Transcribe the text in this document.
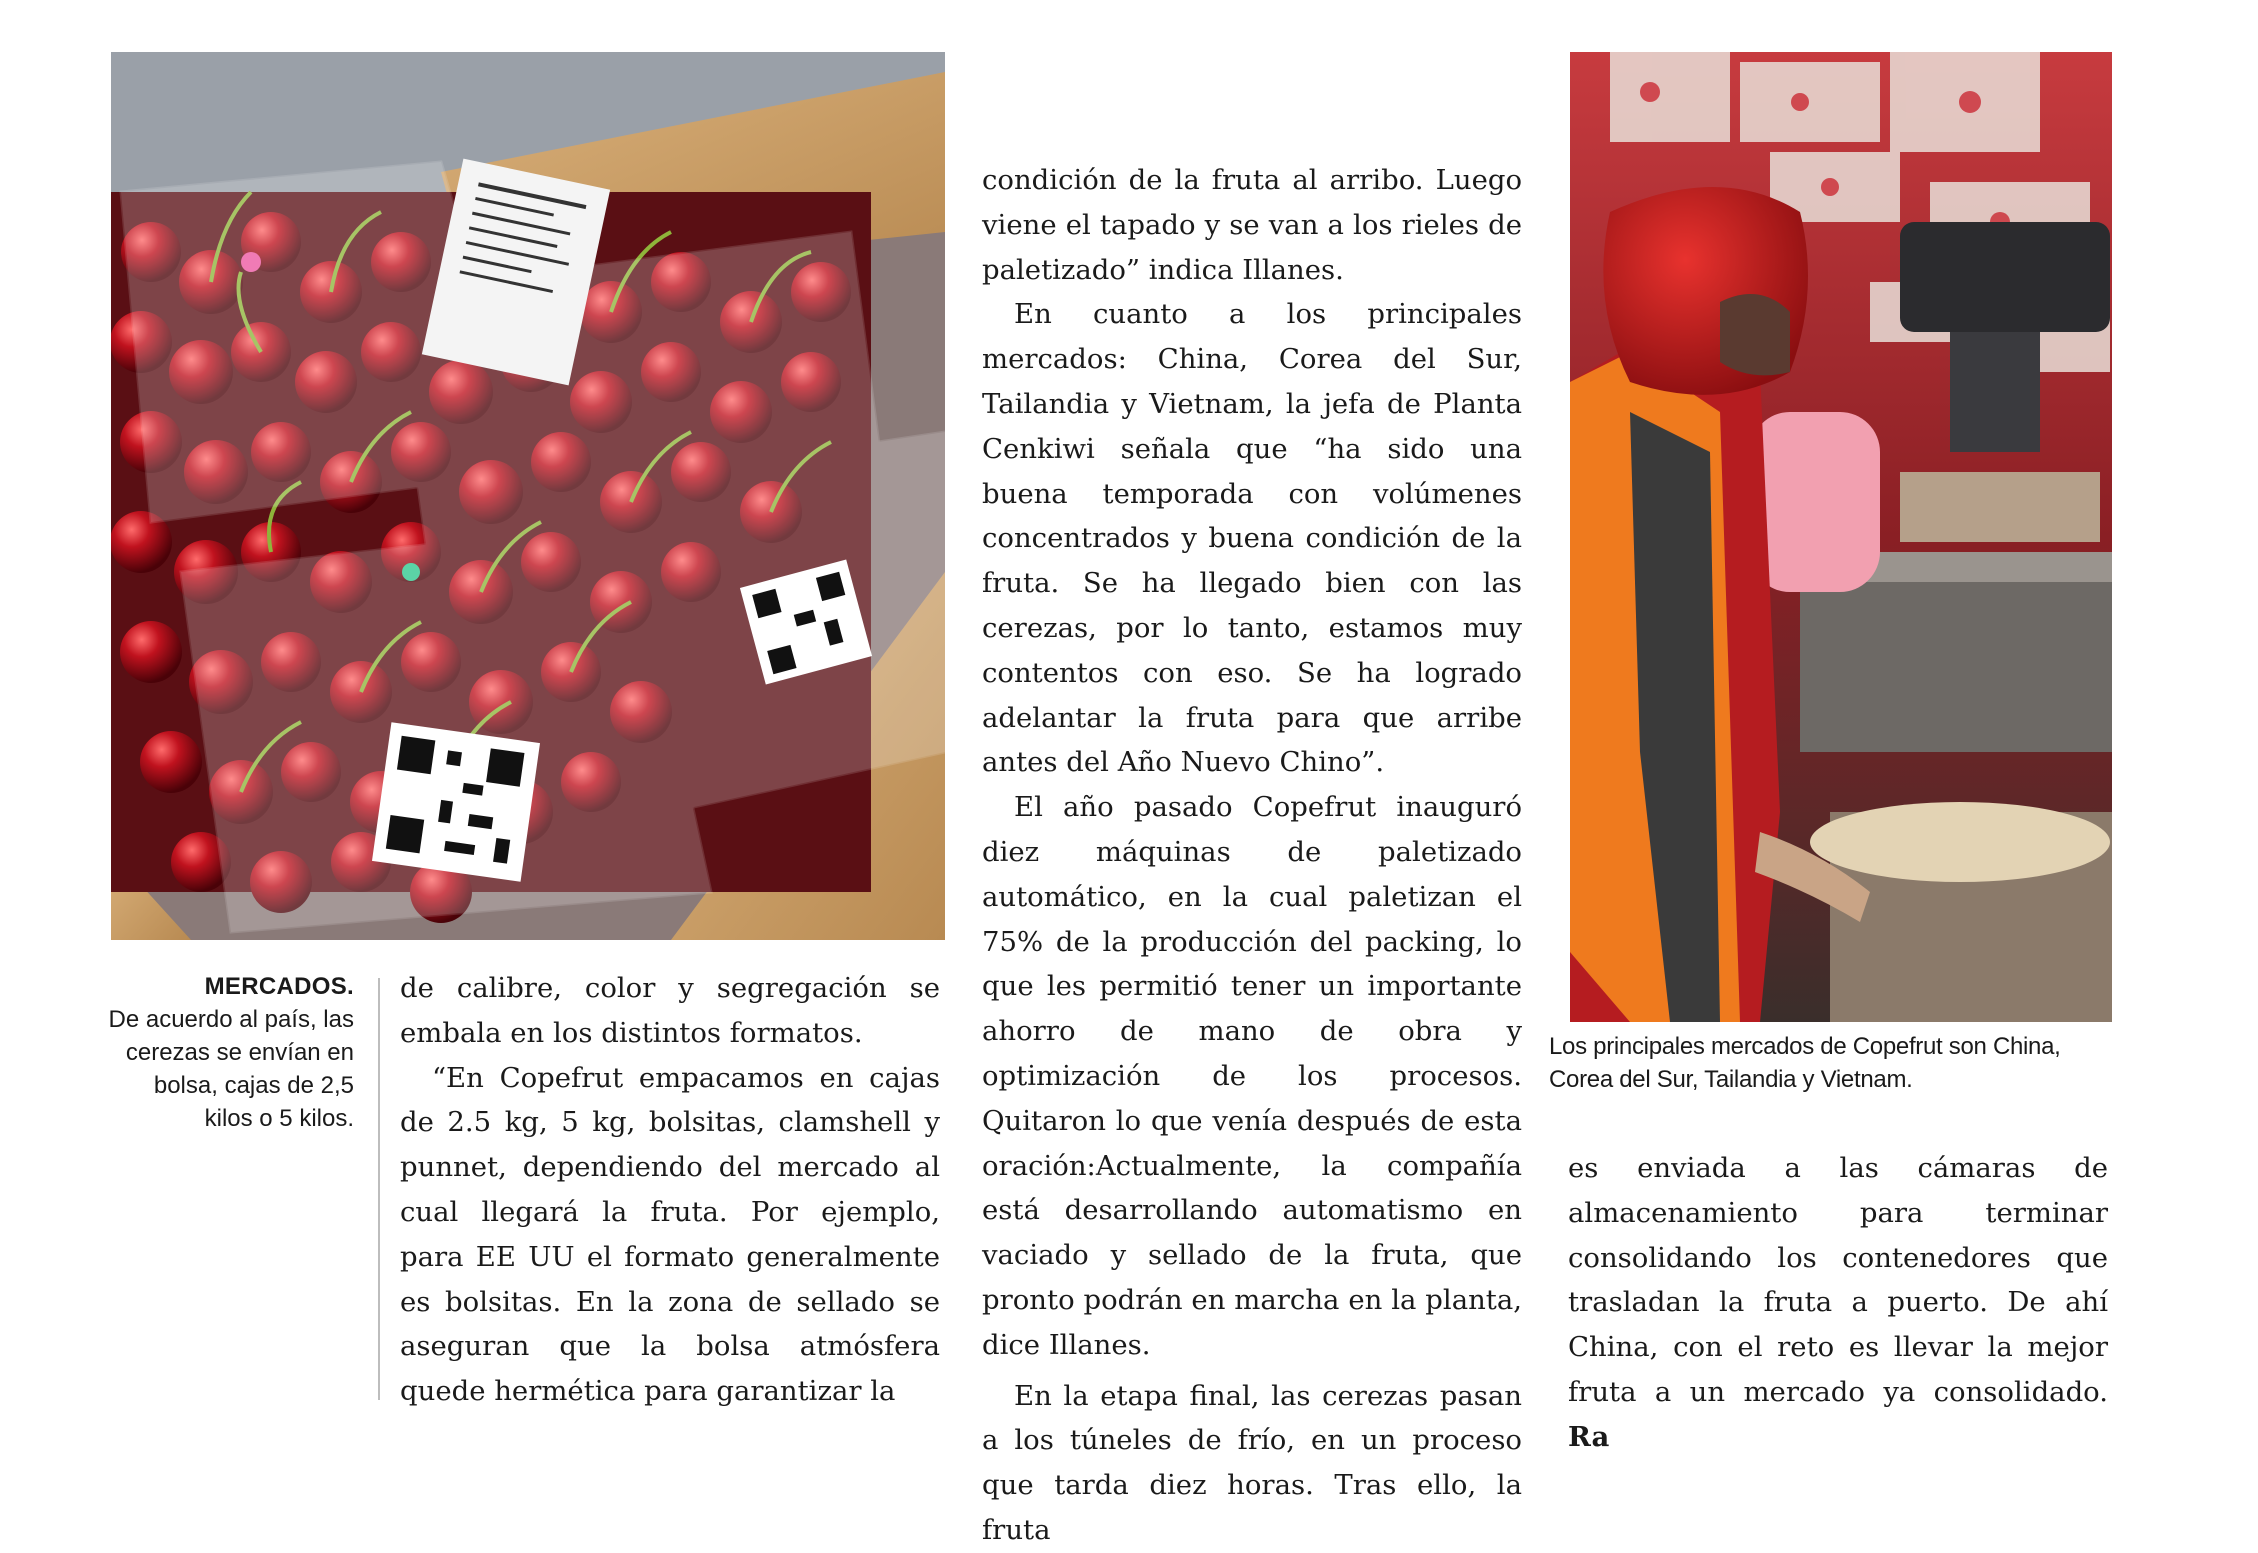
MERCADOS.
De acuerdo al país, las cerezas se envían en bolsa, cajas de 2,5 kilos o 5 kilos.

de calibre, color y segregación se embala en los distintos formatos.

“En Copefrut empacamos en cajas de 2.5 kg, 5 kg, bolsitas, clamshell y punnet, dependiendo del mercado al cual llegará la fruta. Por ejemplo, para EE UU el formato generalmente es bolsitas. En la zona de sellado se aseguran que la bolsa atmósfera quede hermética para garantizar la

condición de la fruta al arribo. Luego viene el tapado y se van a los rieles de paletizado” indica Illanes.

En cuanto a los principales mercados: China, Corea del Sur, Tailandia y Vietnam, la jefa de Planta Cenkiwi señala que “ha sido una buena temporada con volúmenes concentrados y buena condición de la fruta. Se ha llegado bien con las cerezas, por lo tanto, estamos muy contentos con eso. Se ha logrado adelantar la fruta para que arribe antes del Año Nuevo Chino”.

El año pasado Copefrut inauguró diez máquinas de paletizado automático, en la cual paletizan el 75% de la producción del packing, lo que les permitió tener un importante ahorro de mano de obra y optimización de los procesos. Quitaron lo que venía después de esta oración:Actualmente, la compañía está desarrollando automatismo en vaciado y sellado de la fruta, que pronto podrán en marcha en la planta, dice Illanes.

En la etapa final, las cerezas pasan a los túneles de frío, en un proceso que tarda diez horas. Tras ello, la fruta

Los principales mercados de Copefrut son China, Corea del Sur, Tailandia y Vietnam.

es enviada a las cámaras de almacenamiento para terminar consolidando los contenedores que trasladan la fruta a puerto. De ahí China, con el reto es llevar la mejor fruta a un mercado ya consolidado. Ra
